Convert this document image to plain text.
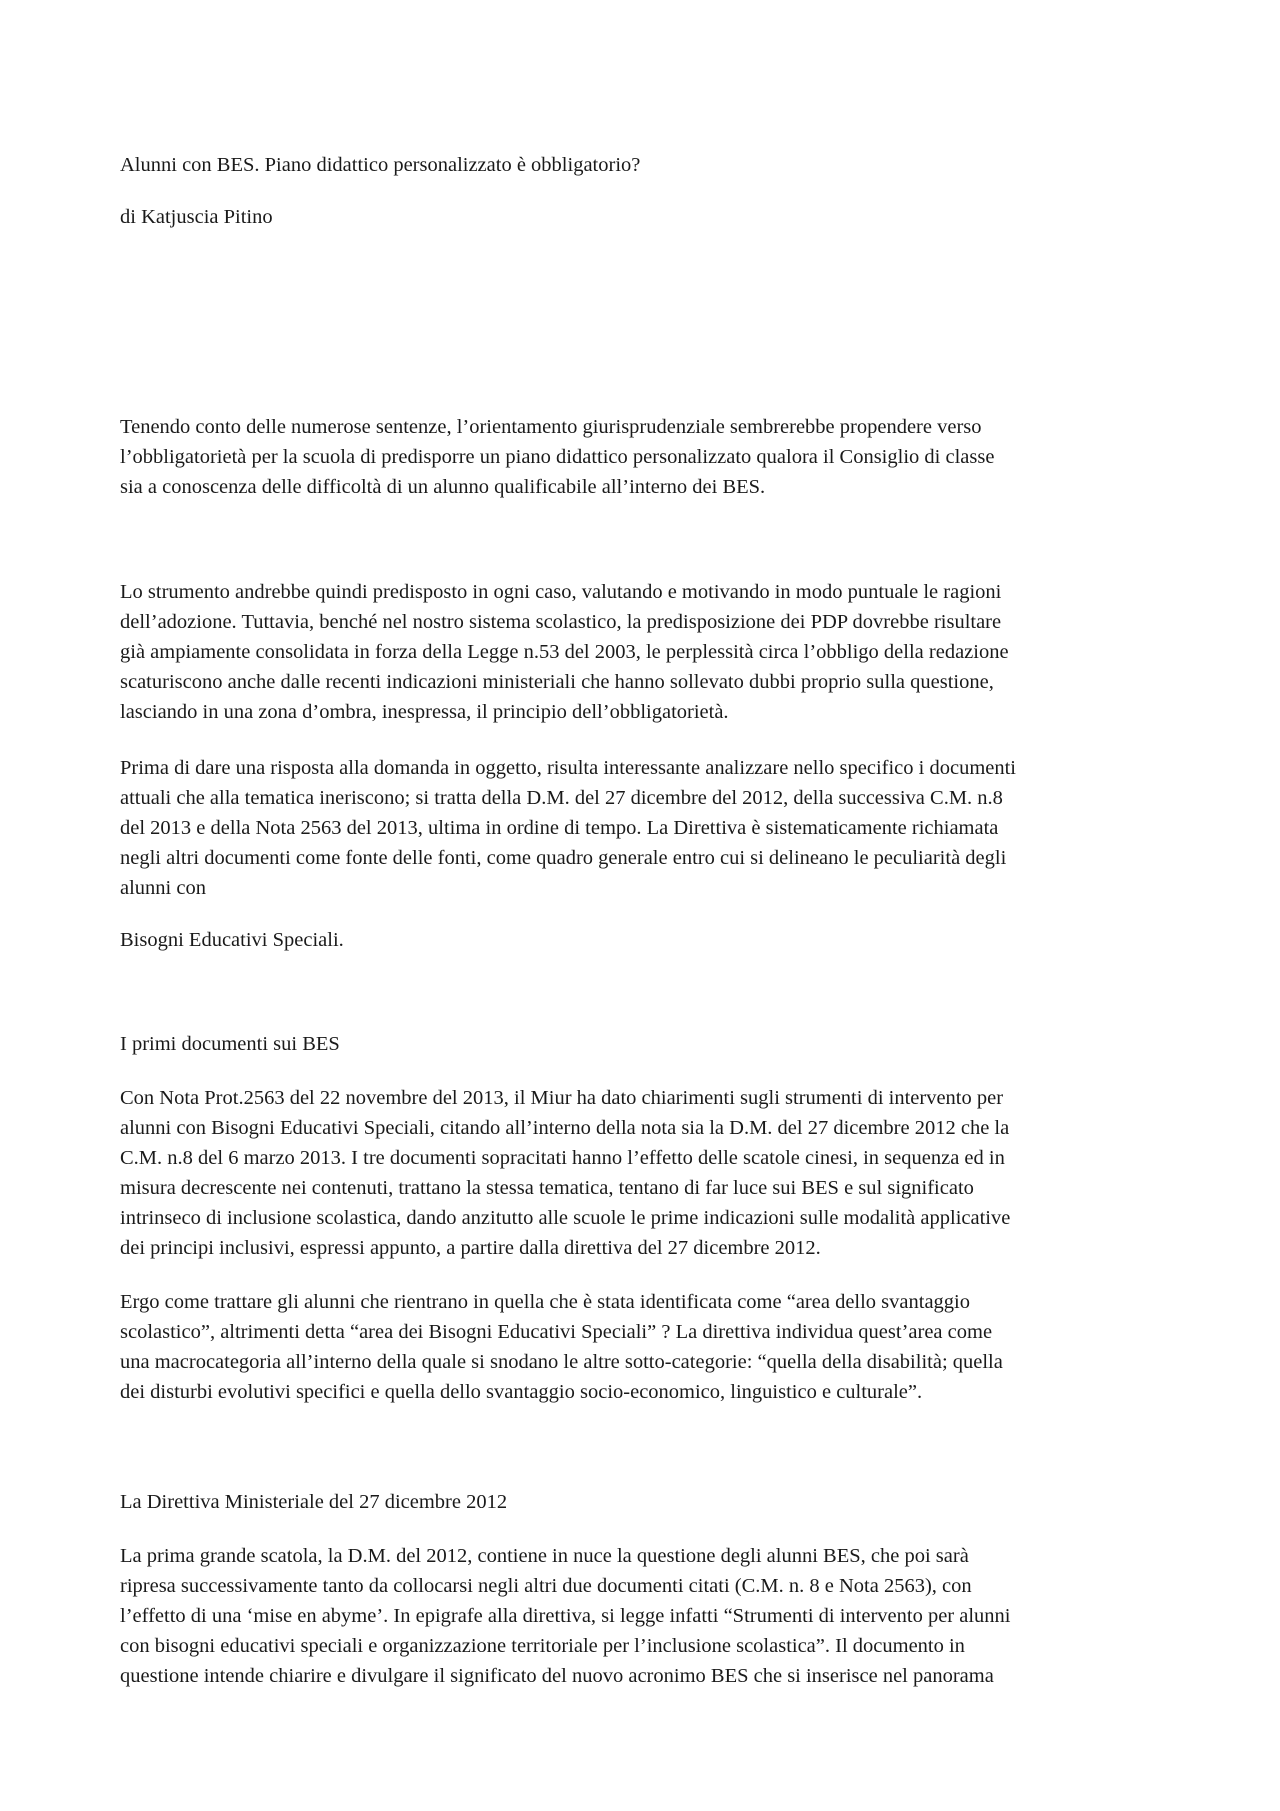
Alunni con BES. Piano didattico personalizzato è obbligatorio?

di Katjuscia Pitino

Tenendo conto delle numerose sentenze, l’orientamento giurisprudenziale sembrerebbe propendere verso
l’obbligatorietà per la scuola di predisporre un piano didattico personalizzato qualora il Consiglio di classe
sia a conoscenza delle difficoltà di un alunno qualificabile all’interno dei BES.

Lo strumento andrebbe quindi predisposto in ogni caso, valutando e motivando in modo puntuale le ragioni
dell’adozione. Tuttavia, benché nel nostro sistema scolastico, la predisposizione dei PDP dovrebbe risultare
già ampiamente consolidata in forza della Legge n.53 del 2003, le perplessità circa l’obbligo della redazione
scaturiscono anche dalle recenti indicazioni ministeriali che hanno sollevato dubbi proprio sulla questione,
lasciando in una zona d’ombra, inespressa, il principio dell’obbligatorietà.

Prima di dare una risposta alla domanda in oggetto, risulta interessante analizzare nello specifico i documenti
attuali che alla tematica ineriscono; si tratta della D.M. del 27 dicembre del 2012, della successiva C.M. n.8
del 2013 e della Nota 2563 del 2013, ultima in ordine di tempo. La Direttiva è sistematicamente richiamata
negli altri documenti come fonte delle fonti, come quadro generale entro cui si delineano le peculiarità degli
alunni con

Bisogni Educativi Speciali.

I primi documenti sui BES

Con Nota Prot.2563 del 22 novembre del 2013, il Miur ha dato chiarimenti sugli strumenti di intervento per
alunni con Bisogni Educativi Speciali, citando all’interno della nota sia la D.M. del 27 dicembre 2012 che la
C.M. n.8 del 6 marzo 2013. I tre documenti sopracitati hanno l’effetto delle scatole cinesi, in sequenza ed in
misura decrescente nei contenuti, trattano la stessa tematica, tentano di far luce sui BES e sul significato
intrinseco di inclusione scolastica, dando anzitutto alle scuole le prime indicazioni sulle modalità applicative
dei principi inclusivi, espressi appunto, a partire dalla direttiva del 27 dicembre 2012.

Ergo come trattare gli alunni che rientrano in quella che è stata identificata come “area dello svantaggio
scolastico”, altrimenti detta “area dei Bisogni Educativi Speciali” ? La direttiva individua quest’area come
una macrocategoria all’interno della quale si snodano le altre sotto-categorie: “quella della disabilità; quella
dei disturbi evolutivi specifici e quella dello svantaggio socio-economico, linguistico e culturale”.

La Direttiva Ministeriale del 27 dicembre 2012

La prima grande scatola, la D.M. del 2012, contiene in nuce la questione degli alunni BES, che poi sarà
ripresa successivamente tanto da collocarsi negli altri due documenti citati (C.M. n. 8 e Nota 2563), con
l’effetto di una ‘mise en abyme’. In epigrafe alla direttiva, si legge infatti “Strumenti di intervento per alunni
con bisogni educativi speciali e organizzazione territoriale per l’inclusione scolastica”. Il documento in
questione intende chiarire e divulgare il significato del nuovo acronimo BES che si inserisce nel panorama
